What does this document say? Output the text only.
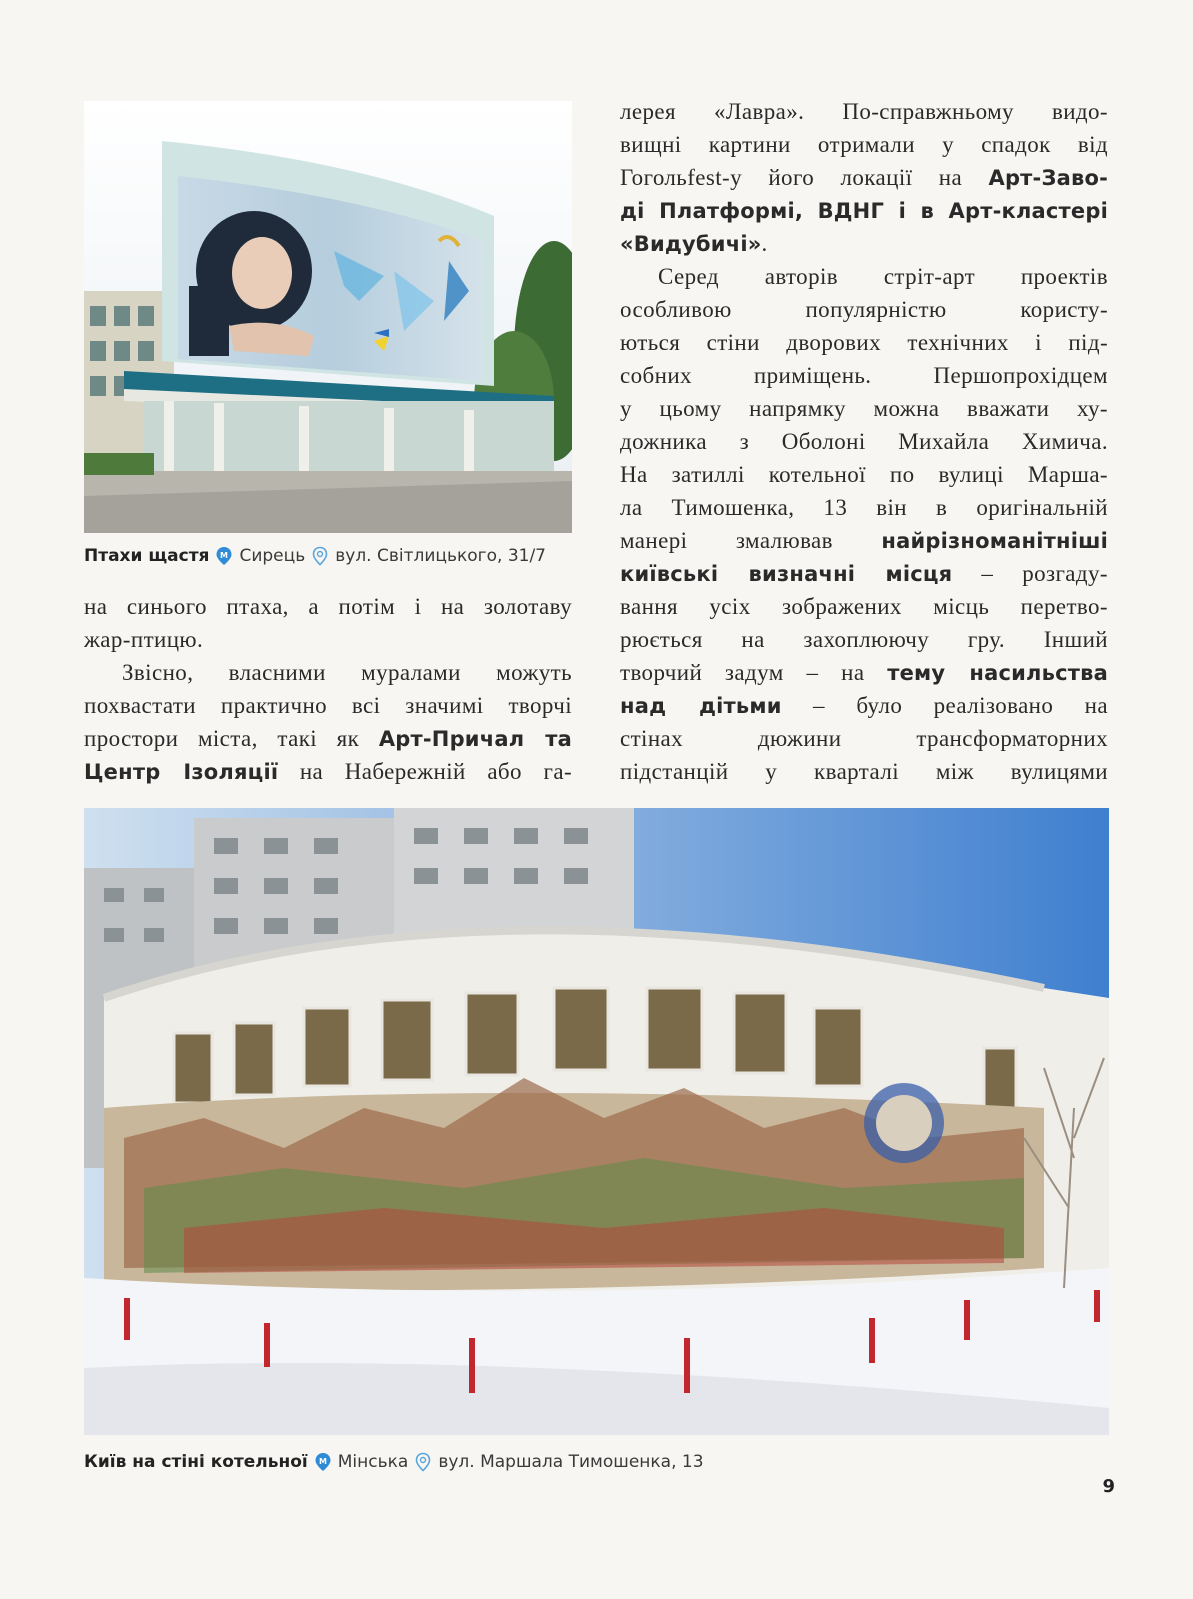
Птахи щастя M Сирець вул. Світлицького, 31/7
на синього птаха, а потім і на золотаву
жар-птицю.
Звісно, власними муралами можуть
похвастати практично всі значимі творчі
простори міста, такі як Арт-Причал та
Центр Ізоляції на Набережній або га-
лерея «Лавра». По-справжньому видо-
вищні картини отримали у спадок від
Гогольfest-у його локації на Арт-Заво-
ді Платформі, ВДНГ і в Арт-кластері
«Видубичі».
Серед авторів стріт-арт проектів
особливою популярністю користу-
ються стіни дворових технічних і під-
собних приміщень. Першопрохідцем
у цьому напрямку можна вважати ху-
дожника з Оболоні Михайла Химича.
На затиллі котельної по вулиці Марша-
ла Тимошенка, 13 він в оригінальній
манері змалював найрізноманітніші
київські визначні місця – розгаду-
вання усіх зображених місць перетво-
рюється на захоплюючу гру. Інший
творчий задум – на тему насильства
над дітьми – було реалізовано на
стінах дюжини трансформаторних
підстанцій у кварталі між вулицями
Київ на стіні котельної M Мінська вул. Маршала Тимошенка, 13
9
